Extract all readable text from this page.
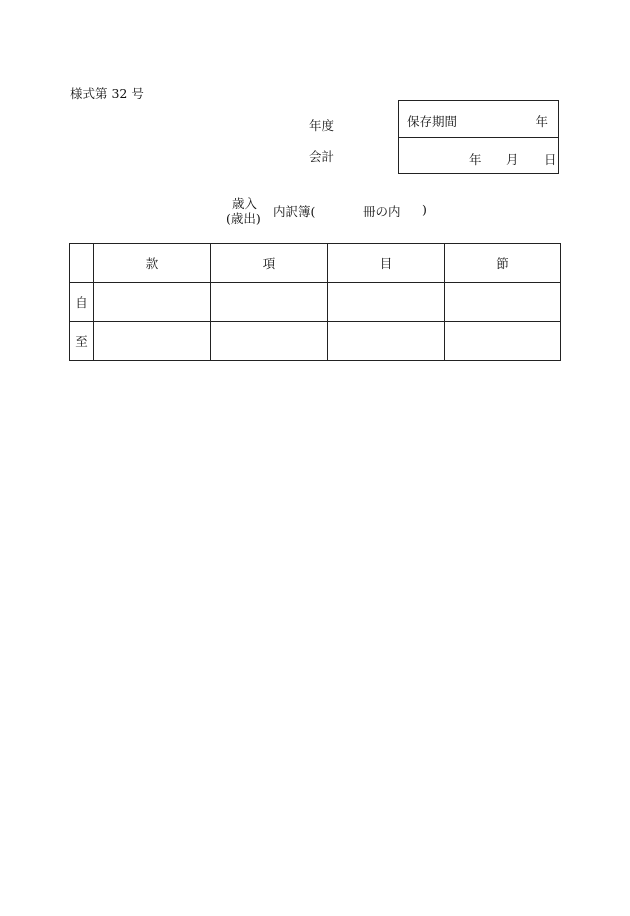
様式第 32 号
年度
会計
保存期間	年
年 月 日
歳入
(歳出) 内訳簿(	冊の内 )
	款	項	目	節
自				
至				
